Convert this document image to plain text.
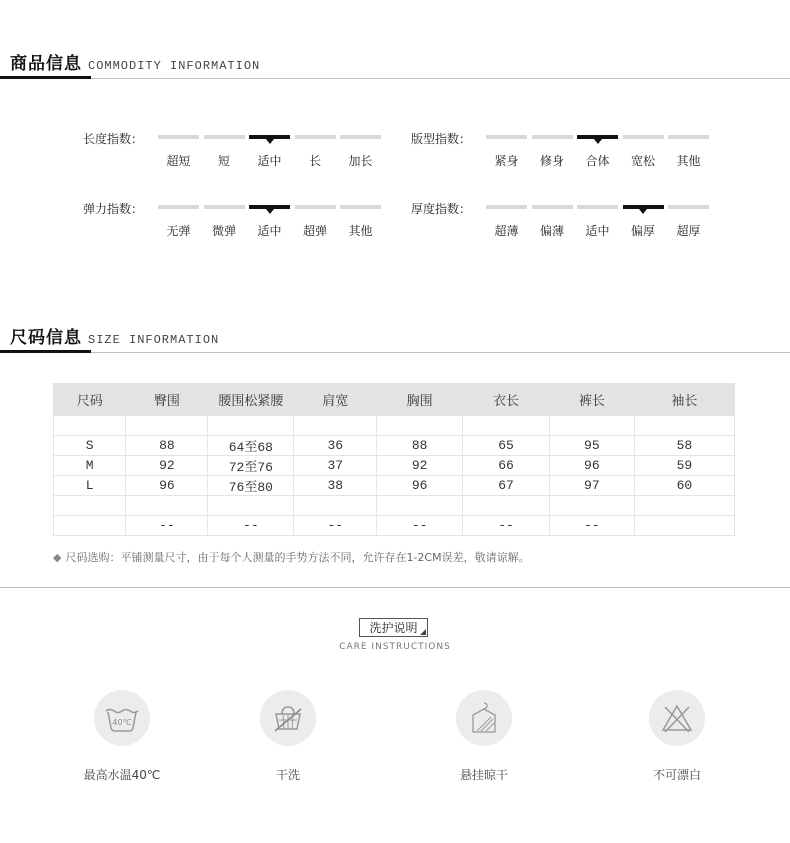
商品信息 COMMODITY INFORMATION
长度指数：
超短	短	适中	长	加长
版型指数：
紧身	修身	合体	宽松	其他
弹力指数：
无弹	微弹	适中	超弹	其他
厚度指数：
超薄	偏薄	适中	偏厚	超厚
尺码信息 SIZE INFORMATION
尺码	臀围	腰围松紧腰	肩宽	胸围	衣长	裤长	袖长

S	88	64至68	36	88	65	95	58
M	92	72至76	37	92	66	96	59
L	96	76至80	38	96	67	97	60

	--	--	--	--	--	--	
◆ 尺码选购：平铺测量尺寸，由于每个人测量的手势方法不同，允许存在1-2CM误差，敬请谅解。
洗护说明
CARE INSTRUCTIONS
40℃
最高水温40℃	干洗	悬挂晾干	不可漂白
